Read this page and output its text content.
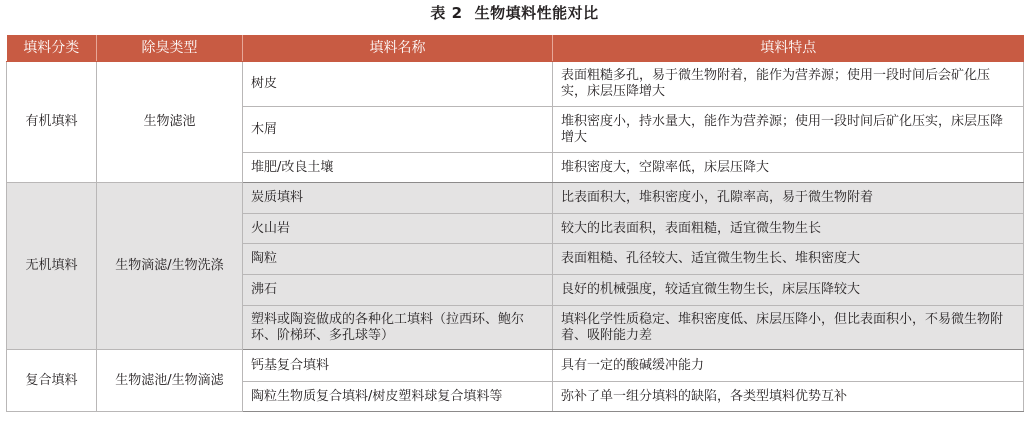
表 2 生物填料性能对比
填料分类	除臭类型	填料名称	填料特点
有机填料	生物滤池	树皮	表面粗糙多孔，易于微生物附着，能作为营养源；使用一段时间后会矿化压实，床层压降增大
		木屑	堆积密度小，持水量大，能作为营养源；使用一段时间后矿化压实，床层压降增大
		堆肥/改良土壤	堆积密度大，空隙率低，床层压降大
无机填料	生物滴滤/生物洗涤	炭质填料	比表面积大，堆积密度小，孔隙率高，易于微生物附着
		火山岩	较大的比表面积，表面粗糙，适宜微生物生长
		陶粒	表面粗糙、孔径较大、适宜微生物生长、堆积密度大
		沸石	良好的机械强度，较适宜微生物生长，床层压降较大
		塑料或陶瓷做成的各种化工填料（拉西环、鲍尔环、阶梯环、多孔球等）	填料化学性质稳定、堆积密度低、床层压降小，但比表面积小，不易微生物附着、吸附能力差
复合填料	生物滤池/生物滴滤	钙基复合填料	具有一定的酸碱缓冲能力
		陶粒生物质复合填料/树皮塑料球复合填料等	弥补了单一组分填料的缺陷，各类型填料优势互补
